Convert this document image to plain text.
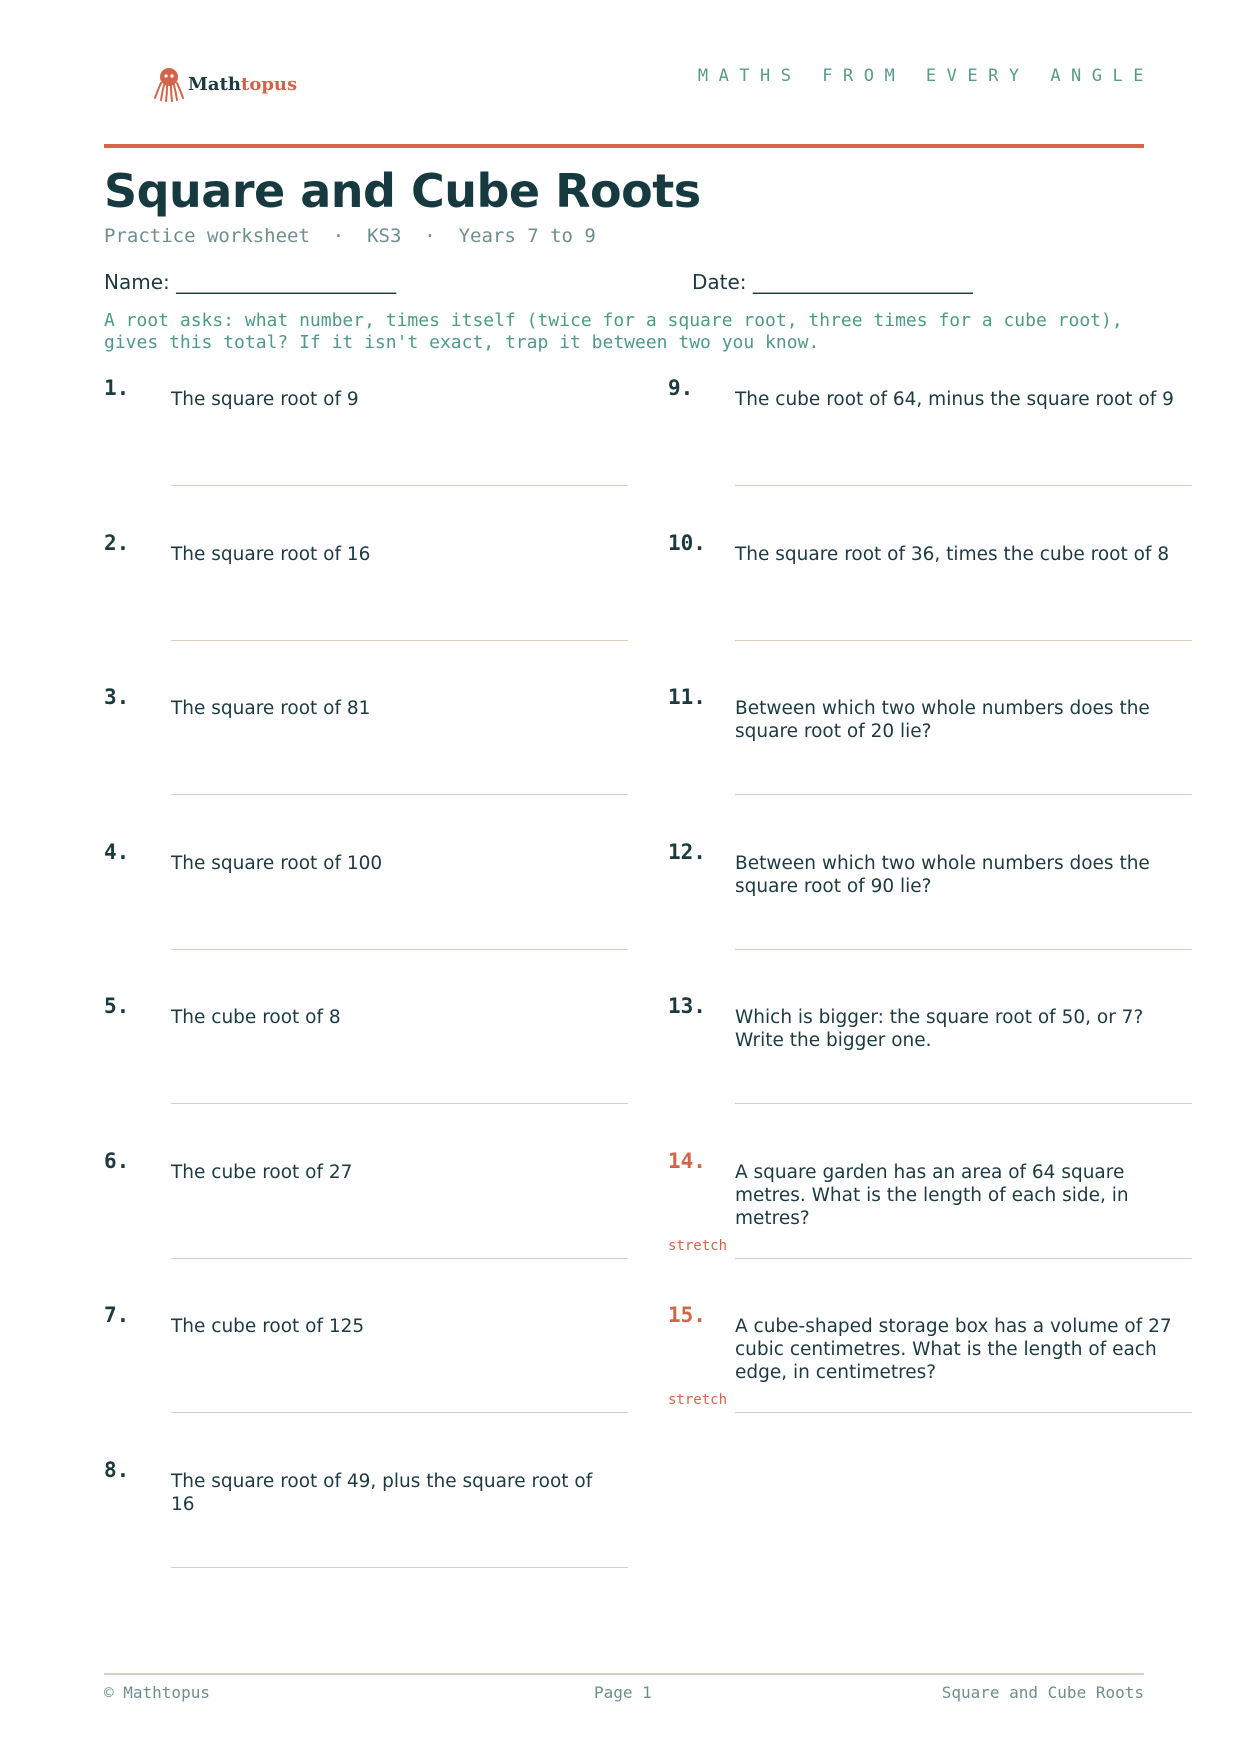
Mathtopus	MATHS FROM EVERY ANGLE
Square and Cube Roots
Practice worksheet  ·  KS3  ·  Years 7 to 9
Name: ______________________	Date: ______________________
A root asks: what number, times itself (twice for a square root, three times for a cube root), gives this total? If it isn't exact, trap it between two you know.
1. The square root of 9
2. The square root of 16
3. The square root of 81
4. The square root of 100
5. The cube root of 8
6. The cube root of 27
7. The cube root of 125
8. The square root of 49, plus the square root of 16
9. The cube root of 64, minus the square root of 9
10. The square root of 36, times the cube root of 8
11. Between which two whole numbers does the square root of 20 lie?
12. Between which two whole numbers does the square root of 90 lie?
13. Which is bigger: the square root of 50, or 7? Write the bigger one.
14. A square garden has an area of 64 square metres. What is the length of each side, in metres?
stretch
15. A cube-shaped storage box has a volume of 27 cubic centimetres. What is the length of each edge, in centimetres?
stretch
© Mathtopus	Page 1	Square and Cube Roots
